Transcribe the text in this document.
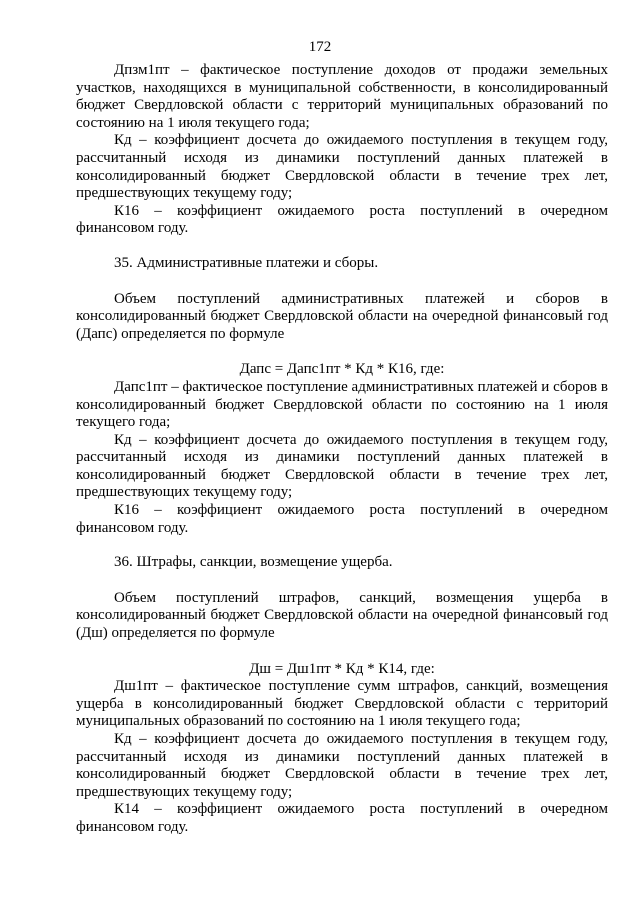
172

Дпзм1пт – фактическое поступление доходов от продажи земельных участков, находящихся в муниципальной собственности, в консолидированный бюджет Свердловской области с территорий муниципальных образований по состоянию на 1 июля текущего года;

Кд – коэффициент досчета до ожидаемого поступления в текущем году, рассчитанный исходя из динамики поступлений данных платежей в консолидированный бюджет Свердловской области в течение трех лет, предшествующих текущему году;

К16 – коэффициент ожидаемого роста поступлений в очередном финансовом году.

35. Административные платежи и сборы.

Объем поступлений административных платежей и сборов в консолидированный бюджет Свердловской области на очередной финансовый год (Дапс) определяется по формуле

Дапс = Дапс1пт * Кд * К16, где:

Дапс1пт – фактическое поступление административных платежей и сборов в консолидированный бюджет Свердловской области по состоянию на 1 июля текущего года;

Кд – коэффициент досчета до ожидаемого поступления в текущем году, рассчитанный исходя из динамики поступлений данных платежей в консолидированный бюджет Свердловской области в течение трех лет, предшествующих текущему году;

К16 – коэффициент ожидаемого роста поступлений в очередном финансовом году.

36. Штрафы, санкции, возмещение ущерба.

Объем поступлений штрафов, санкций, возмещения ущерба в консолидированный бюджет Свердловской области на очередной финансовый год (Дш) определяется по формуле

Дш = Дш1пт * Кд * К14, где:

Дш1пт – фактическое поступление сумм штрафов, санкций, возмещения ущерба в консолидированный бюджет Свердловской области с территорий муниципальных образований по состоянию на 1 июля текущего года;

Кд – коэффициент досчета до ожидаемого поступления в текущем году, рассчитанный исходя из динамики поступлений данных платежей в консолидированный бюджет Свердловской области в течение трех лет, предшествующих текущему году;

К14 – коэффициент ожидаемого роста поступлений в очередном финансовом году.
